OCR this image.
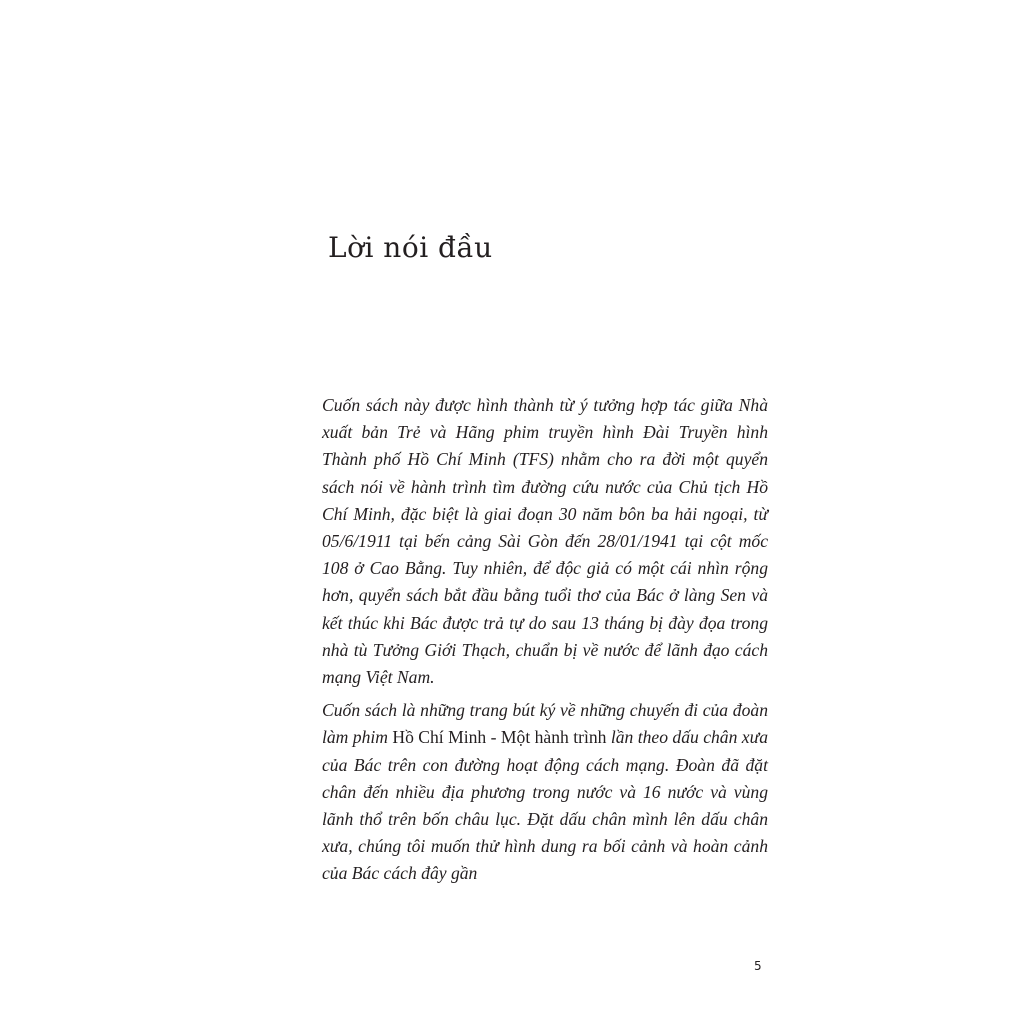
Lời nói đầu

Cuốn sách này được hình thành từ ý tưởng hợp tác giữa Nhà xuất bản Trẻ và Hãng phim truyền hình Đài Truyền hình Thành phố Hồ Chí Minh (TFS) nhằm cho ra đời một quyển sách nói về hành trình tìm đường cứu nước của Chủ tịch Hồ Chí Minh, đặc biệt là giai đoạn 30 năm bôn ba hải ngoại, từ 05/6/1911 tại bến cảng Sài Gòn đến 28/01/1941 tại cột mốc 108 ở Cao Bằng. Tuy nhiên, để độc giả có một cái nhìn rộng hơn, quyển sách bắt đầu bằng tuổi thơ của Bác ở làng Sen và kết thúc khi Bác được trả tự do sau 13 tháng bị đày đọa trong nhà tù Tưởng Giới Thạch, chuẩn bị về nước để lãnh đạo cách mạng Việt Nam.

Cuốn sách là những trang bút ký về những chuyến đi của đoàn làm phim Hồ Chí Minh - Một hành trình lần theo dấu chân xưa của Bác trên con đường hoạt động cách mạng. Đoàn đã đặt chân đến nhiều địa phương trong nước và 16 nước và vùng lãnh thổ trên bốn châu lục. Đặt dấu chân mình lên dấu chân xưa, chúng tôi muốn thử hình dung ra bối cảnh và hoàn cảnh của Bác cách đây gần

5
